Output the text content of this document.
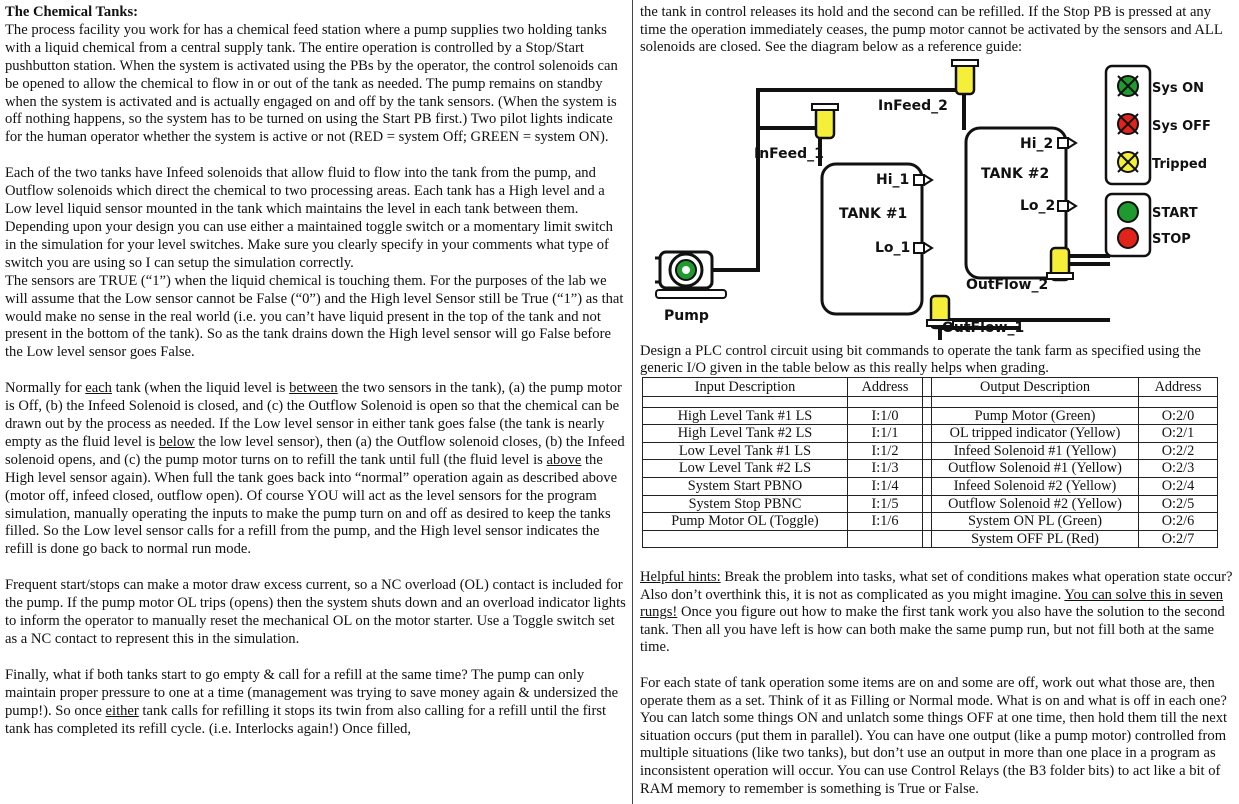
The Chemical Tanks:

The process facility you work for has a chemical feed station where a pump supplies two holding tanks with a liquid chemical from a central supply tank. The entire operation is controlled by a Stop/Start pushbutton station. When the system is activated using the PBs by the operator, the control solenoids can be opened to allow the chemical to flow in or out of the tank as needed. The pump remains on standby when the system is activated and is actually engaged on and off by the tank sensors. (When the system is off nothing happens, so the system has to be turned on using the Start PB first.) Two pilot lights indicate for the human operator whether the system is active or not (RED = system Off; GREEN = system ON).

Each of the two tanks have Infeed solenoids that allow fluid to flow into the tank from the pump, and Outflow solenoids which direct the chemical to two processing areas. Each tank has a High level and a Low level liquid sensor mounted in the tank which maintains the level in each tank between them. Depending upon your design you can use either a maintained toggle switch or a momentary limit switch in the simulation for your level switches. Make sure you clearly specify in your comments what type of switch you are using so I can setup the simulation correctly.

The sensors are TRUE (“1”) when the liquid chemical is touching them. For the purposes of the lab we will assume that the Low sensor cannot be False (“0”) and the High level Sensor still be True (“1”) as that would make no sense in the real world (i.e. you can’t have liquid present in the top of the tank and not present in the bottom of the tank). So as the tank drains down the High level sensor will go False before the Low level sensor goes False.

Normally for each tank (when the liquid level is between the two sensors in the tank), (a) the pump motor is Off, (b) the Infeed Solenoid is closed, and (c) the Outflow Solenoid is open so that the chemical can be drawn out by the process as needed. If the Low level sensor in either tank goes false (the tank is nearly empty as the fluid level is below the low level sensor), then (a) the Outflow solenoid closes, (b) the Infeed solenoid opens, and (c) the pump motor turns on to refill the tank until full (the fluid level is above the High level sensor again). When full the tank goes back into “normal” operation again as described above (motor off, infeed closed, outflow open). Of course YOU will act as the level sensors for the program simulation, manually operating the inputs to make the pump turn on and off as desired to keep the tanks filled. So the Low level sensor calls for a refill from the pump, and the High level sensor indicates the refill is done go back to normal run mode.

Frequent start/stops can make a motor draw excess current, so a NC overload (OL) contact is included for the pump. If the pump motor OL trips (opens) then the system shuts down and an overload indicator lights to inform the operator to manually reset the mechanical OL on the motor starter. Use a Toggle switch set as a NC contact to represent this in the simulation.

Finally, what if both tanks start to go empty & call for a refill at the same time? The pump can only maintain proper pressure to one at a time (management was trying to save money again & undersized the pump!). So once either tank calls for refilling it stops its twin from also calling for a refill until the first tank has completed its refill cycle. (i.e. Interlocks again!) Once filled,

the tank in control releases its hold and the second can be refilled. If the Stop PB is pressed at any time the operation immediately ceases, the pump motor cannot be activated by the sensors and ALL solenoids are closed. See the diagram below as a reference guide:

Pump
TANK #1
Hi_1
Lo_1
TANK #2
Hi_2
Lo_2
InFeed_1
InFeed_2
OutFlow_1
OutFlow_2
Sys ON
Sys OFF
Tripped
START
STOP

Design a PLC control circuit using bit commands to operate the tank farm as specified using the generic I/O given in the table below as this really helps when grading.

Input Description	Address		Output Description	Address

High Level Tank #1 LS	I:1/0		Pump Motor (Green)	O:2/0
High Level Tank #2 LS	I:1/1		OL tripped indicator (Yellow)	O:2/1
Low Level Tank #1 LS	I:1/2		Infeed Solenoid #1 (Yellow)	O:2/2
Low Level Tank #2 LS	I:1/3		Outflow Solenoid #1 (Yellow)	O:2/3
System Start PBNO	I:1/4		Infeed Solenoid #2 (Yellow)	O:2/4
System Stop PBNC	I:1/5		Outflow Solenoid #2 (Yellow)	O:2/5
Pump Motor OL (Toggle)	I:1/6		System ON PL (Green)	O:2/6
			System OFF PL (Red)	O:2/7

Helpful hints: Break the problem into tasks, what set of conditions makes what operation state occur? Also don’t overthink this, it is not as complicated as you might imagine. You can solve this in seven rungs! Once you figure out how to make the first tank work you also have the solution to the second tank. Then all you have left is how can both make the same pump run, but not fill both at the same time.

For each state of tank operation some items are on and some are off, work out what those are, then operate them as a set. Think of it as Filling or Normal mode. What is on and what is off in each one? You can latch some things ON and unlatch some things OFF at one time, then hold them till the next situation occurs (put them in parallel). You can have one output (like a pump motor) controlled from multiple situations (like two tanks), but don’t use an output in more than one place in a program as inconsistent operation will occur. You can use Control Relays (the B3 folder bits) to act like a bit of RAM memory to remember is something is True or False.
